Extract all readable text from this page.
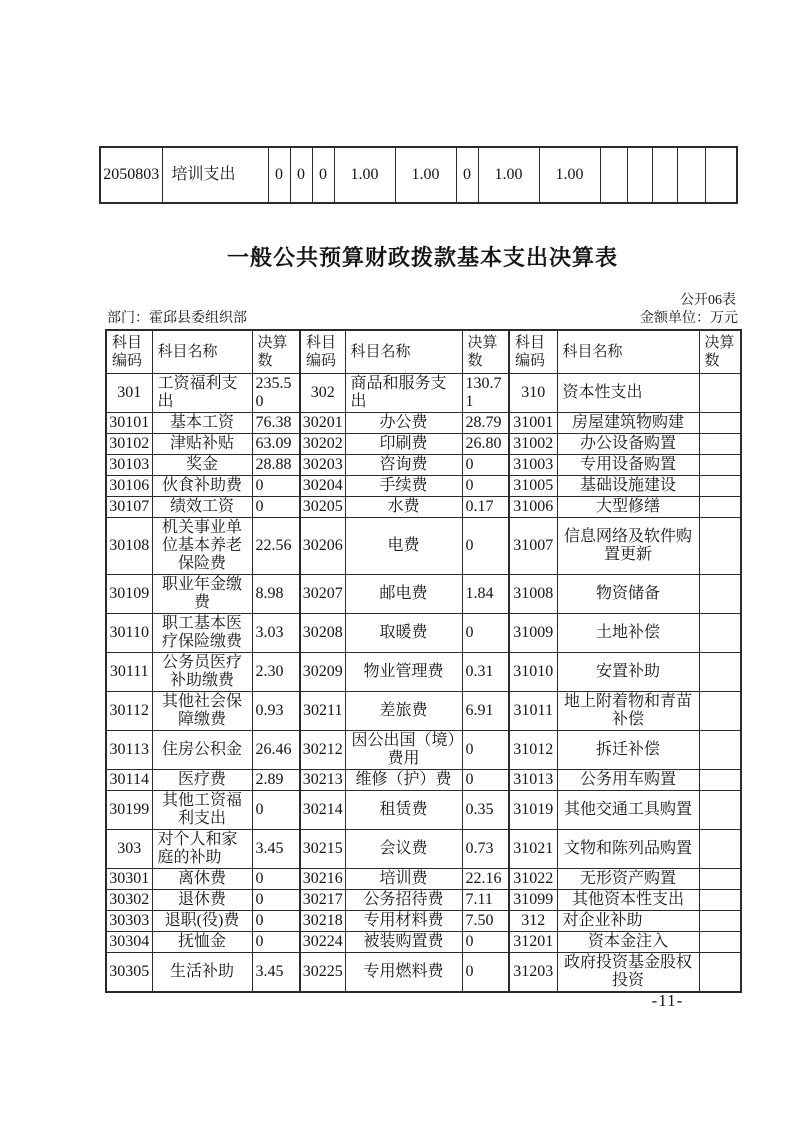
2050803	培训支出	0	0	0	1.00	1.00	0	1.00	1.00					
一般公共预算财政拨款基本支出决算表
公开06表
部门：霍邱县委组织部	金额单位：万元
科目编码	科目名称	决算数	科目编码	科目名称	决算数	科目编码	科目名称	决算数
301	工资福利支出	235.50	302	商品和服务支出	130.71	310	资本性支出	
30101	基本工资	76.38	30201	办公费	28.79	31001	房屋建筑物购建	
30102	津贴补贴	63.09	30202	印刷费	26.80	31002	办公设备购置	
30103	奖金	28.88	30203	咨询费	0	31003	专用设备购置	
30106	伙食补助费	0	30204	手续费	0	31005	基础设施建设	
30107	绩效工资	0	30205	水费	0.17	31006	大型修缮	
30108	机关事业单位基本养老保险费	22.56	30206	电费	0	31007	信息网络及软件购置更新	
30109	职业年金缴费	8.98	30207	邮电费	1.84	31008	物资储备	
30110	职工基本医疗保险缴费	3.03	30208	取暖费	0	31009	土地补偿	
30111	公务员医疗补助缴费	2.30	30209	物业管理费	0.31	31010	安置补助	
30112	其他社会保障缴费	0.93	30211	差旅费	6.91	31011	地上附着物和青苗补偿	
30113	住房公积金	26.46	30212	因公出国（境）费用	0	31012	拆迁补偿	
30114	医疗费	2.89	30213	维修（护）费	0	31013	公务用车购置	
30199	其他工资福利支出	0	30214	租赁费	0.35	31019	其他交通工具购置	
303	对个人和家庭的补助	3.45	30215	会议费	0.73	31021	文物和陈列品购置	
30301	离休费	0	30216	培训费	22.16	31022	无形资产购置	
30302	退休费	0	30217	公务招待费	7.11	31099	其他资本性支出	
30303	退职(役)费	0	30218	专用材料费	7.50	312	对企业补助	
30304	抚恤金	0	30224	被装购置费	0	31201	资本金注入	
30305	生活补助	3.45	30225	专用燃料费	0	31203	政府投资基金股权投资	
-11-
